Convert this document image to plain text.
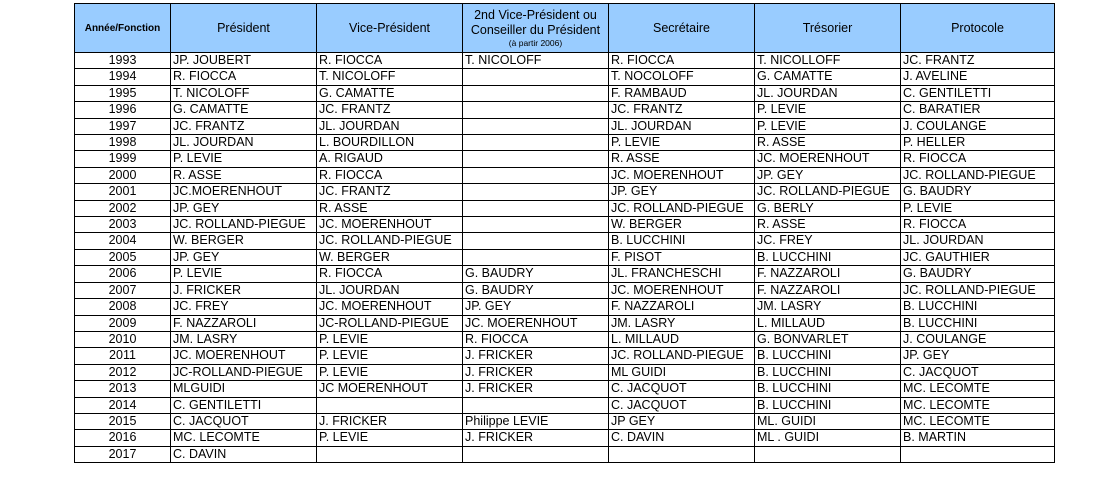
Année/Fonction	Président	Vice-Président	2nd Vice-Président ou
Conseiller du Président
(à partir 2006)	Secrétaire	Trésorier	Protocole
1993	JP. JOUBERT	R. FIOCCA	T. NICOLOFF	R. FIOCCA	T. NICOLLOFF	JC. FRANTZ
1994	R. FIOCCA	T. NICOLOFF		T. NOCOLOFF	G. CAMATTE	J. AVELINE
1995	T. NICOLOFF	G. CAMATTE		F. RAMBAUD	JL. JOURDAN	C. GENTILETTI
1996	G. CAMATTE	JC. FRANTZ		JC. FRANTZ	P. LEVIE	C. BARATIER
1997	JC. FRANTZ	JL. JOURDAN		JL. JOURDAN	P. LEVIE	J. COULANGE
1998	JL. JOURDAN	L. BOURDILLON		P. LEVIE	R. ASSE	P. HELLER
1999	P. LEVIE	A. RIGAUD		R. ASSE	JC. MOERENHOUT	R. FIOCCA
2000	R. ASSE	R. FIOCCA		JC. MOERENHOUT	JP. GEY	JC. ROLLAND-PIEGUE
2001	JC.MOERENHOUT	JC. FRANTZ		JP. GEY	JC. ROLLAND-PIEGUE	G. BAUDRY
2002	JP. GEY	R. ASSE		JC. ROLLAND-PIEGUE	G. BERLY	P. LEVIE
2003	JC. ROLLAND-PIEGUE	JC. MOERENHOUT		W. BERGER	R. ASSE	R. FIOCCA
2004	W. BERGER	JC. ROLLAND-PIEGUE		B. LUCCHINI	JC. FREY	JL. JOURDAN
2005	JP. GEY	W. BERGER		F. PISOT	B. LUCCHINI	JC. GAUTHIER
2006	P. LEVIE	R. FIOCCA	G. BAUDRY	JL. FRANCHESCHI	F. NAZZAROLI	G. BAUDRY
2007	J. FRICKER	JL. JOURDAN	G. BAUDRY	JC. MOERENHOUT	F. NAZZAROLI	JC. ROLLAND-PIEGUE
2008	JC. FREY	JC. MOERENHOUT	JP. GEY	F. NAZZAROLI	JM. LASRY	B. LUCCHINI
2009	F. NAZZAROLI	JC-ROLLAND-PIEGUE	JC. MOERENHOUT	JM. LASRY	L. MILLAUD	B. LUCCHINI
2010	JM. LASRY	P. LEVIE	R. FIOCCA	L. MILLAUD	G. BONVARLET	J. COULANGE
2011	JC. MOERENHOUT	P. LEVIE	J. FRICKER	JC. ROLLAND-PIEGUE	B. LUCCHINI	JP. GEY
2012	JC-ROLLAND-PIEGUE	P. LEVIE	J. FRICKER	ML GUIDI	B. LUCCHINI	C. JACQUOT
2013	MLGUIDI	JC MOERENHOUT	J. FRICKER	C. JACQUOT	B. LUCCHINI	MC. LECOMTE
2014	C. GENTILETTI			C. JACQUOT	B. LUCCHINI	MC. LECOMTE
2015	C. JACQUOT	J. FRICKER	Philippe LEVIE	JP GEY	ML. GUIDI	MC. LECOMTE
2016	MC. LECOMTE	P. LEVIE	J. FRICKER	C. DAVIN	ML . GUIDI	B. MARTIN
2017	C. DAVIN					
